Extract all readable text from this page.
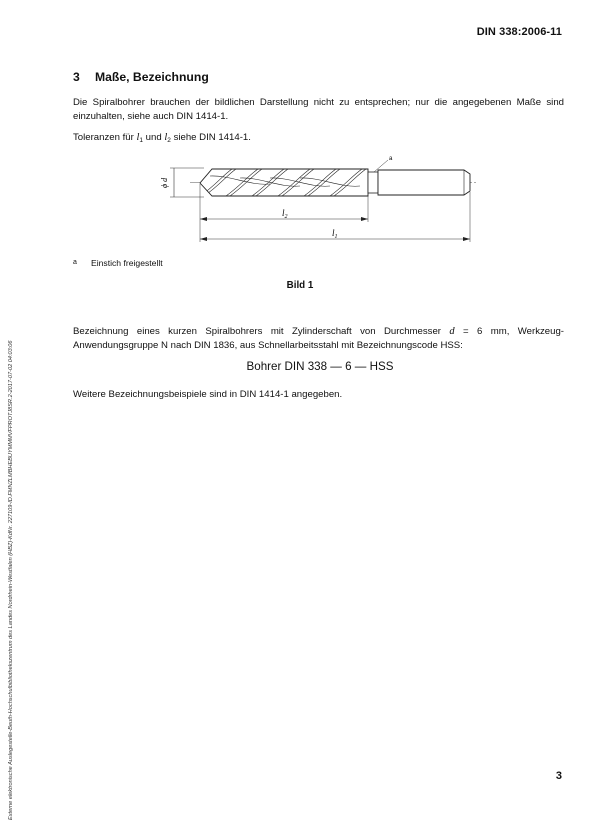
DIN 338:2006-11
Externe elektronische Auslegestelle-Beuth-Hochschulbibliothekszentrum des Landes Nordrhein-Westfalen (HBZ)-KdNr. 227109-ID.FMNZLMBHEBUYMMMVFPROTJ8SR.2-2017-07-02 04:03:06
3 Maße, Bezeichnung
Die Spiralbohrer brauchen der bildlichen Darstellung nicht zu entsprechen; nur die angegebenen Maße sind einzuhalten, siehe auch DIN 1414-1.
Toleranzen für $l_1$ und $l_2$ siehe DIN 1414-1.
a
ϕ d
$l_2$
$l_1$
a Einstich freigestellt
Bild 1
Bezeichnung eines kurzen Spiralbohrers mit Zylinderschaft von Durchmesser d = 6 mm, Werkzeug-Anwendungsgruppe N nach DIN 1836, aus Schnellarbeitsstahl mit Bezeichnungscode HSS:
Bohrer DIN 338 — 6 — HSS
Weitere Bezeichnungsbeispiele sind in DIN 1414-1 angegeben.
3
